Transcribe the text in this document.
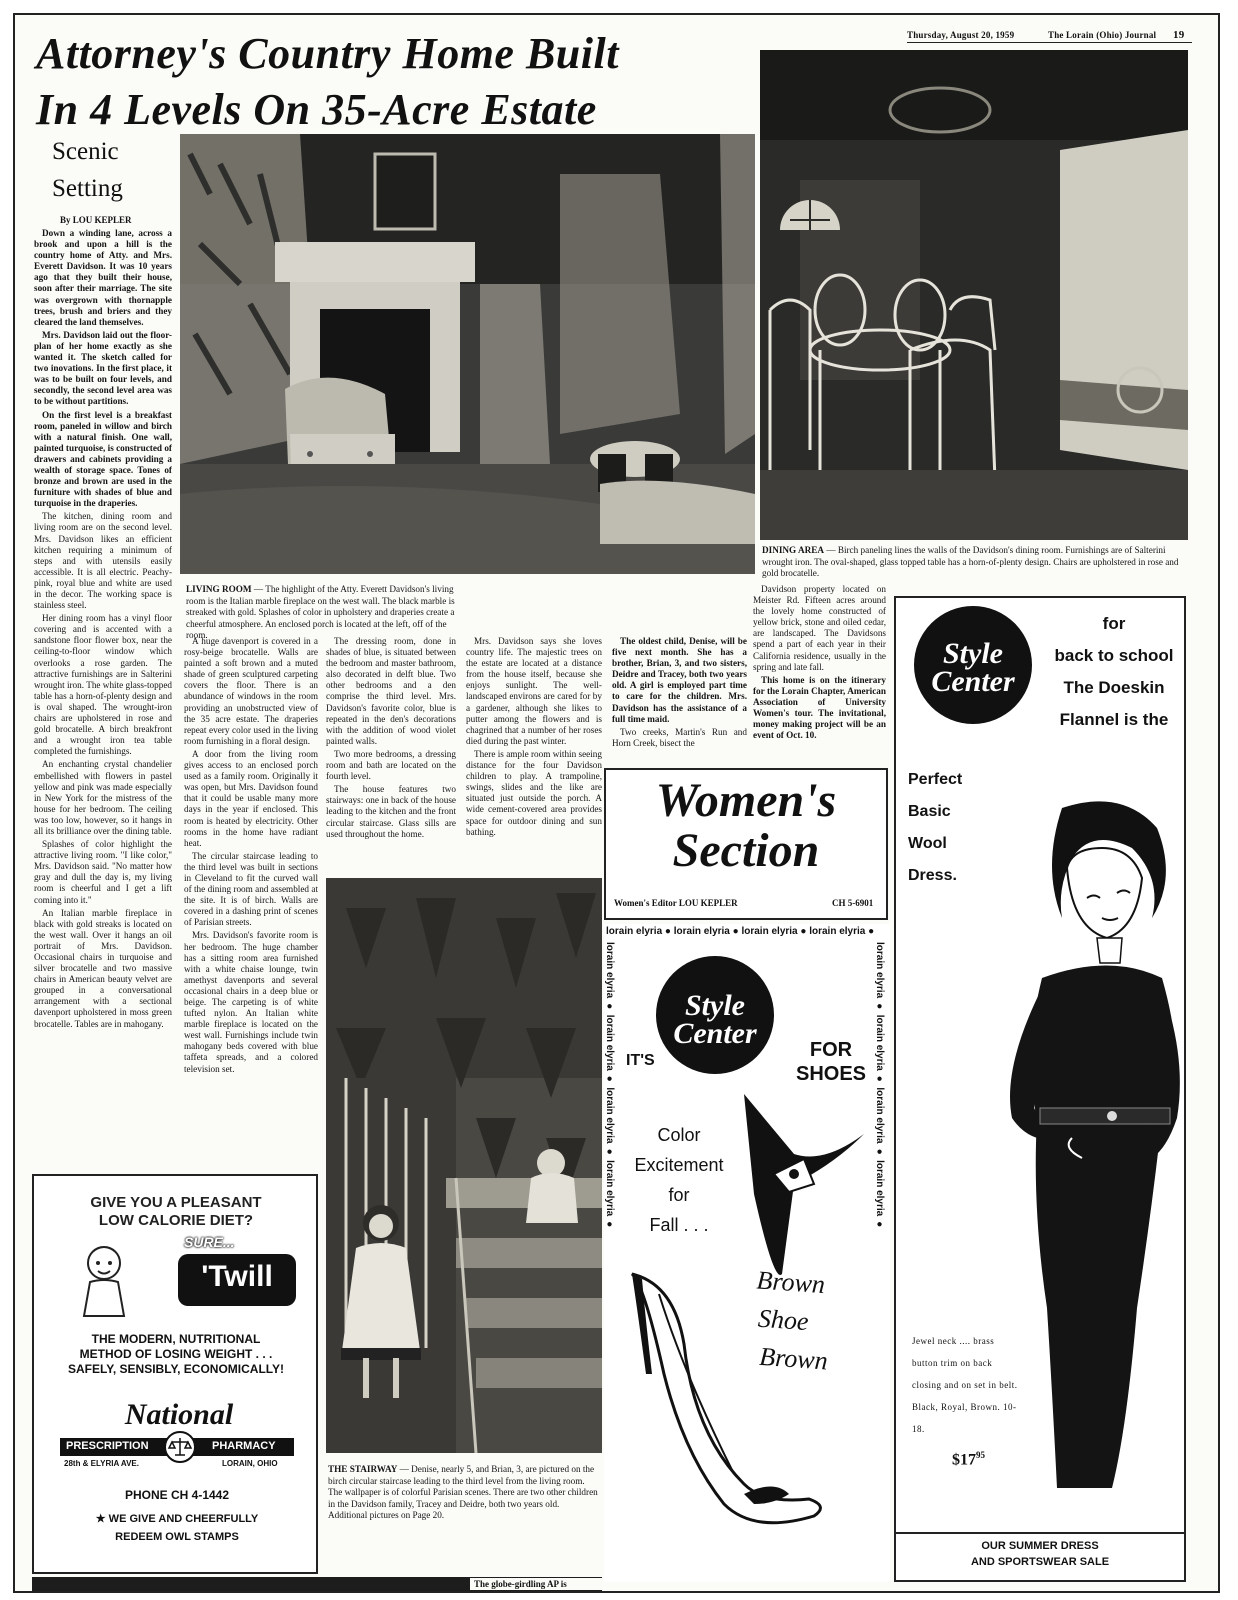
Thursday, August 20, 1959	The Lorain (Ohio) Journal 19
Attorney's Country Home Built
In 4 Levels On 35-Acre Estate
Scenic
Setting
By LOU KEPLER

Down a winding lane, across a brook and upon a hill is the country home of Atty. and Mrs. Everett Davidson. It was 10 years ago that they built their house, soon after their marriage. The site was overgrown with thornapple trees, brush and briers and they cleared the land themselves.

Mrs. Davidson laid out the floor-plan of her home exactly as she wanted it. The sketch called for two inovations. In the first place, it was to be built on four levels, and secondly, the second level area was to be without partitions.

On the first level is a breakfast room, paneled in willow and birch with a natural finish. One wall, painted turquoise, is constructed of drawers and cabinets providing a wealth of storage space. Tones of bronze and brown are used in the furniture with shades of blue and turquoise in the draperies.

The kitchen, dining room and living room are on the second level. Mrs. Davidson likes an efficient kitchen requiring a minimum of steps and with utensils easily accessible. It is all electric. Peachy-pink, royal blue and white are used in the decor. The working space is stainless steel.

Her dining room has a vinyl floor covering and is accented with a sandstone floor flower box, near the ceiling-to-floor window which overlooks a rose garden. The attractive furnishings are in Salterini wrought iron. The white glass-topped table has a horn-of-plenty design and is oval shaped. The wrought-iron chairs are upholstered in rose and gold brocatelle. A birch breakfront and a wrought iron tea table completed the furnishings.

An enchanting crystal chandelier embellished with flowers in pastel yellow and pink was made especially in New York for the mistress of the house for her bedroom. The ceiling was too low, however, so it hangs in all its brilliance over the dining table.

Splashes of color highlight the attractive living room. "I like color," Mrs. Davidson said. "No matter how gray and dull the day is, my living room is cheerful and I get a lift coming into it."

An Italian marble fireplace in black with gold streaks is located on the west wall. Over it hangs an oil portrait of Mrs. Davidson. Occasional chairs in turquoise and silver brocatelle and two massive chairs in American beauty velvet are grouped in a conversational arrangement with a sectional davenport upholstered in moss green brocatelle. Tables are in mahogany.

LIVING ROOM — The highlight of the Atty. Everett Davidson's living room is the Italian marble fireplace on the west wall. The black marble is streaked with gold. Splashes of color in upholstery and draperies create a cheerful atmosphere. An enclosed porch is located at the left, off of the room.

A huge davenport is covered in a rosy-beige brocatelle. Walls are painted a soft brown and a muted shade of green sculptured carpeting covers the floor. There is an abundance of windows in the room providing an unobstructed view of the 35 acre estate. The draperies repeat every color used in the living room furnishing in a floral design.

A door from the living room gives access to an enclosed porch used as a family room. Originally it was open, but Mrs. Davidson found that it could be usable many more days in the year if enclosed. This room is heated by electricity. Other rooms in the home have radiant heat.

The circular staircase leading to the third level was built in sections in Cleveland to fit the curved wall of the dining room and assembled at the site. It is of birch. Walls are covered in a dashing print of scenes of Parisian streets.

Mrs. Davidson's favorite room is her bedroom. The huge chamber has a sitting room area furnished with a white chaise lounge, twin amethyst davenports and several occasional chairs in a deep blue or beige. The carpeting is of white tufted nylon. An Italian white marble fireplace is located on the west wall. Furnishings include twin mahogany beds covered with blue taffeta spreads, and a colored television set.

The dressing room, done in shades of blue, is situated between the bedroom and master bathroom, also decorated in delft blue. Two other bedrooms and a den comprise the third level. Mrs. Davidson's favorite color, blue is repeated in the den's decorations with the addition of wood violet painted walls.

Two more bedrooms, a dressing room and bath are located on the fourth level.

The house features two stairways: one in back of the house leading to the kitchen and the front circular staircase. Glass sills are used throughout the home.

Mrs. Davidson says she loves country life. The majestic trees on the estate are located at a distance from the house itself, because she enjoys sunlight. The well-landscaped environs are cared for by a gardener, although she likes to putter among the flowers and is chagrined that a number of her roses died during the past winter.

There is ample room within seeing distance for the four Davidson children to play. A trampoline, swings, slides and the like are situated just outside the porch. A wide cement-covered area provides space for outdoor dining and sun bathing.

The oldest child, Denise, will be five next month. She has a brother, Brian, 3, and two sisters, Deidre and Tracey, both two years old. A girl is employed part time to care for the children. Mrs. Davidson has the assistance of a full time maid.

Two creeks, Martin's Run and Horn Creek, bisect the

Davidson property located on Meister Rd. Fifteen acres around the lovely home constructed of yellow brick, stone and oiled cedar, are landscaped. The Davidsons spend a part of each year in their California residence, usually in the spring and late fall.

This home is on the itinerary for the Lorain Chapter, American Association of University Women's tour. The invitational, money making project will be an event of Oct. 10.

DINING AREA — Birch paneling lines the walls of the Davidson's dining room. Furnishings are of Salterini wrought iron. The oval-shaped, glass topped table has a horn-of-plenty design. Chairs are upholstered in rose and gold brocatelle.
GIVE YOU A PLEASANT
LOW CALORIE DIET?
SURE...
'Twill
THE MODERN, NUTRITIONAL
METHOD OF LOSING WEIGHT . . .
SAFELY, SENSIBLY, ECONOMICALLY!
National
PRESCRIPTION	PHARMACY
28th & ELYRIA AVE.	LORAIN, OHIO
PHONE CH 4-1442
★ WE GIVE AND CHEERFULLY
REDEEM OWL STAMPS
THE STAIRWAY — Denise, nearly 5, and Brian, 3, are pictured on the birch circular staircase leading to the third level from the living room. The wallpaper is of colorful Parisian scenes. There are two other children in the Davidson family, Tracey and Deidre, both two years old. Additional pictures on Page 20.
Women's
Section
Women's Editor LOU KEPLER	CH 5-6901
lorain elyria ● lorain elyria ● lorain elyria ● lorain elyria ●
lorain elyria ● lorain elyria ● lorain elyria ● lorain elyria ●	lorain elyria ● lorain elyria ● lorain elyria ● lorain elyria ●
Style Center
IT'S	FOR
SHOES
Color
Excitement
for
Fall . . .
Brown
Shoe
Brown
Style Center
for
back to school
The Doeskin
Flannel is the
Perfect
Basic
Wool
Dress.
Jewel neck .... brass button trim on back closing and on set in belt. Black, Royal, Brown. 10-18.
$\$17^{95}$
OUR SUMMER DRESS
AND SPORTSWEAR SALE
The globe-girdling AP is
